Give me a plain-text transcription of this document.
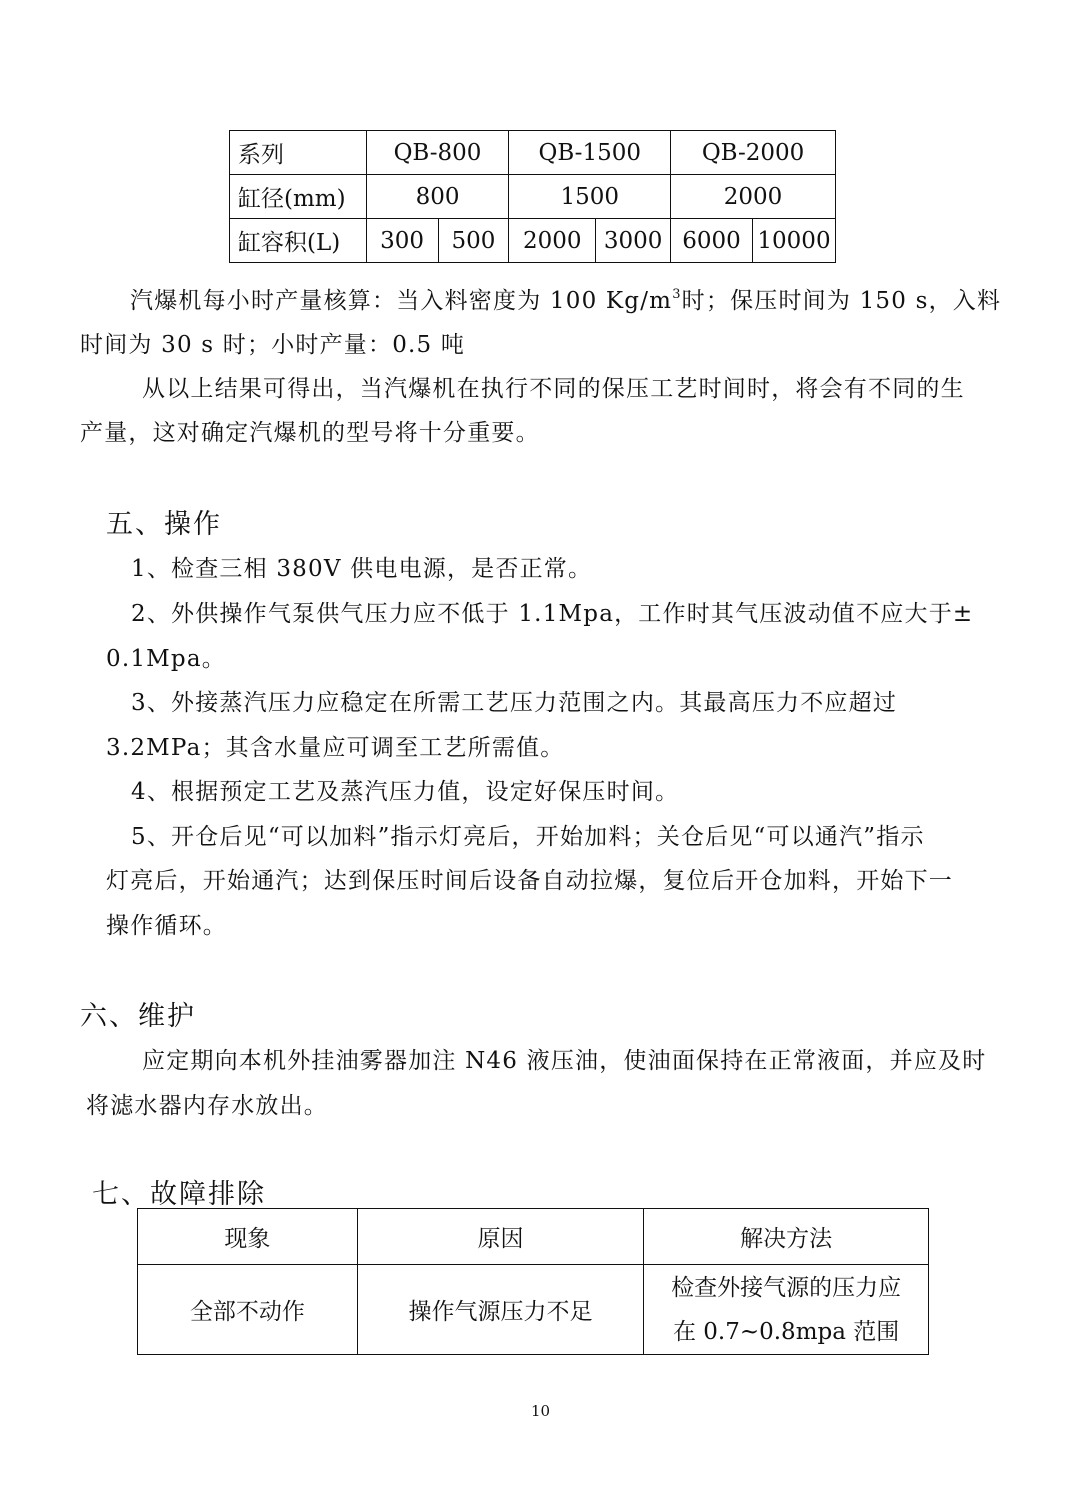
系列	QB-800		QB-1500		QB-2000	
缸径(mm)	800		1500		2000	
缸容积(L)	300	500	2000	3000	6000	10000
汽爆机每小时产量核算：当入料密度为 100 $Kg/m^3$时；保压时间为 150 s，入料
时间为 30 s 时；小时产量：0.5 吨
从以上结果可得出，当汽爆机在执行不同的保压工艺时间时，将会有不同的生
产量，这对确定汽爆机的型号将十分重要。
五、操作
1、检查三相 380V 供电电源，是否正常。
2、外供操作气泵供气压力应不低于 1.1Mpa，工作时其气压波动值不应大于±
0.1Mpa。
3、外接蒸汽压力应稳定在所需工艺压力范围之内。其最高压力不应超过
3.2MPa；其含水量应可调至工艺所需值。
4、根据预定工艺及蒸汽压力值，设定好保压时间。
5、开仓后见“可以加料”指示灯亮后，开始加料；关仓后见“可以通汽”指示
灯亮后，开始通汽；达到保压时间后设备自动拉爆，复位后开仓加料，开始下一
操作循环。
六、维护
应定期向本机外挂油雾器加注 N46 液压油，使油面保持在正常液面，并应及时
将滤水器内存水放出。
七、故障排除
现象	原因	解决方法
全部不动作	操作气源压力不足	检查外接气源的压力应
在 0.7~0.8mpa 范围
10
